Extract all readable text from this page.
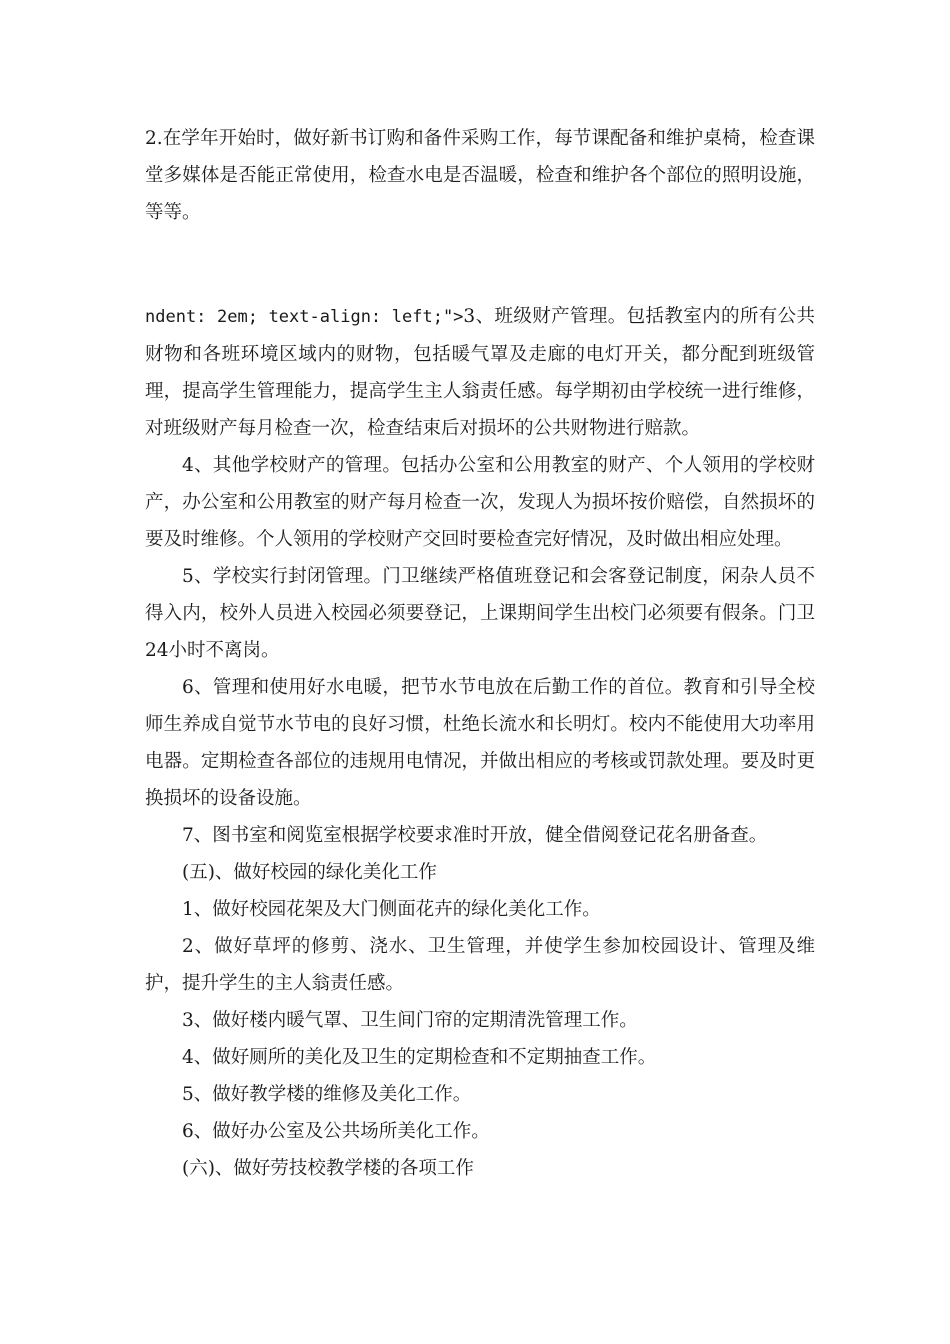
2.在学年开始时，做好新书订购和备件采购工作，每节课配备和维护桌椅，检查课堂多媒体是否能正常使用，检查水电是否温暖，检查和维护各个部位的照明设施，等等。

ndent: 2em; text-align: left;">3、班级财产管理。包括教室内的所有公共财物和各班环境区域内的财物，包括暖气罩及走廊的电灯开关，都分配到班级管理，提高学生管理能力，提高学生主人翁责任感。每学期初由学校统一进行维修，对班级财产每月检查一次，检查结束后对损坏的公共财物进行赔款。

4、其他学校财产的管理。包括办公室和公用教室的财产、个人领用的学校财产，办公室和公用教室的财产每月检查一次，发现人为损坏按价赔偿，自然损坏的要及时维修。个人领用的学校财产交回时要检查完好情况，及时做出相应处理。

5、学校实行封闭管理。门卫继续严格值班登记和会客登记制度，闲杂人员不得入内，校外人员进入校园必须要登记，上课期间学生出校门必须要有假条。门卫24小时不离岗。

6、管理和使用好水电暖，把节水节电放在后勤工作的首位。教育和引导全校师生养成自觉节水节电的良好习惯，杜绝长流水和长明灯。校内不能使用大功率用电器。定期检查各部位的违规用电情况，并做出相应的考核或罚款处理。要及时更换损坏的设备设施。

7、图书室和阅览室根据学校要求准时开放，健全借阅登记花名册备查。

(五)、做好校园的绿化美化工作

1、做好校园花架及大门侧面花卉的绿化美化工作。

2、做好草坪的修剪、浇水、卫生管理，并使学生参加校园设计、管理及维护，提升学生的主人翁责任感。

3、做好楼内暖气罩、卫生间门帘的定期清洗管理工作。

4、做好厕所的美化及卫生的定期检查和不定期抽查工作。

5、做好教学楼的维修及美化工作。

6、做好办公室及公共场所美化工作。

(六)、做好劳技校教学楼的各项工作
